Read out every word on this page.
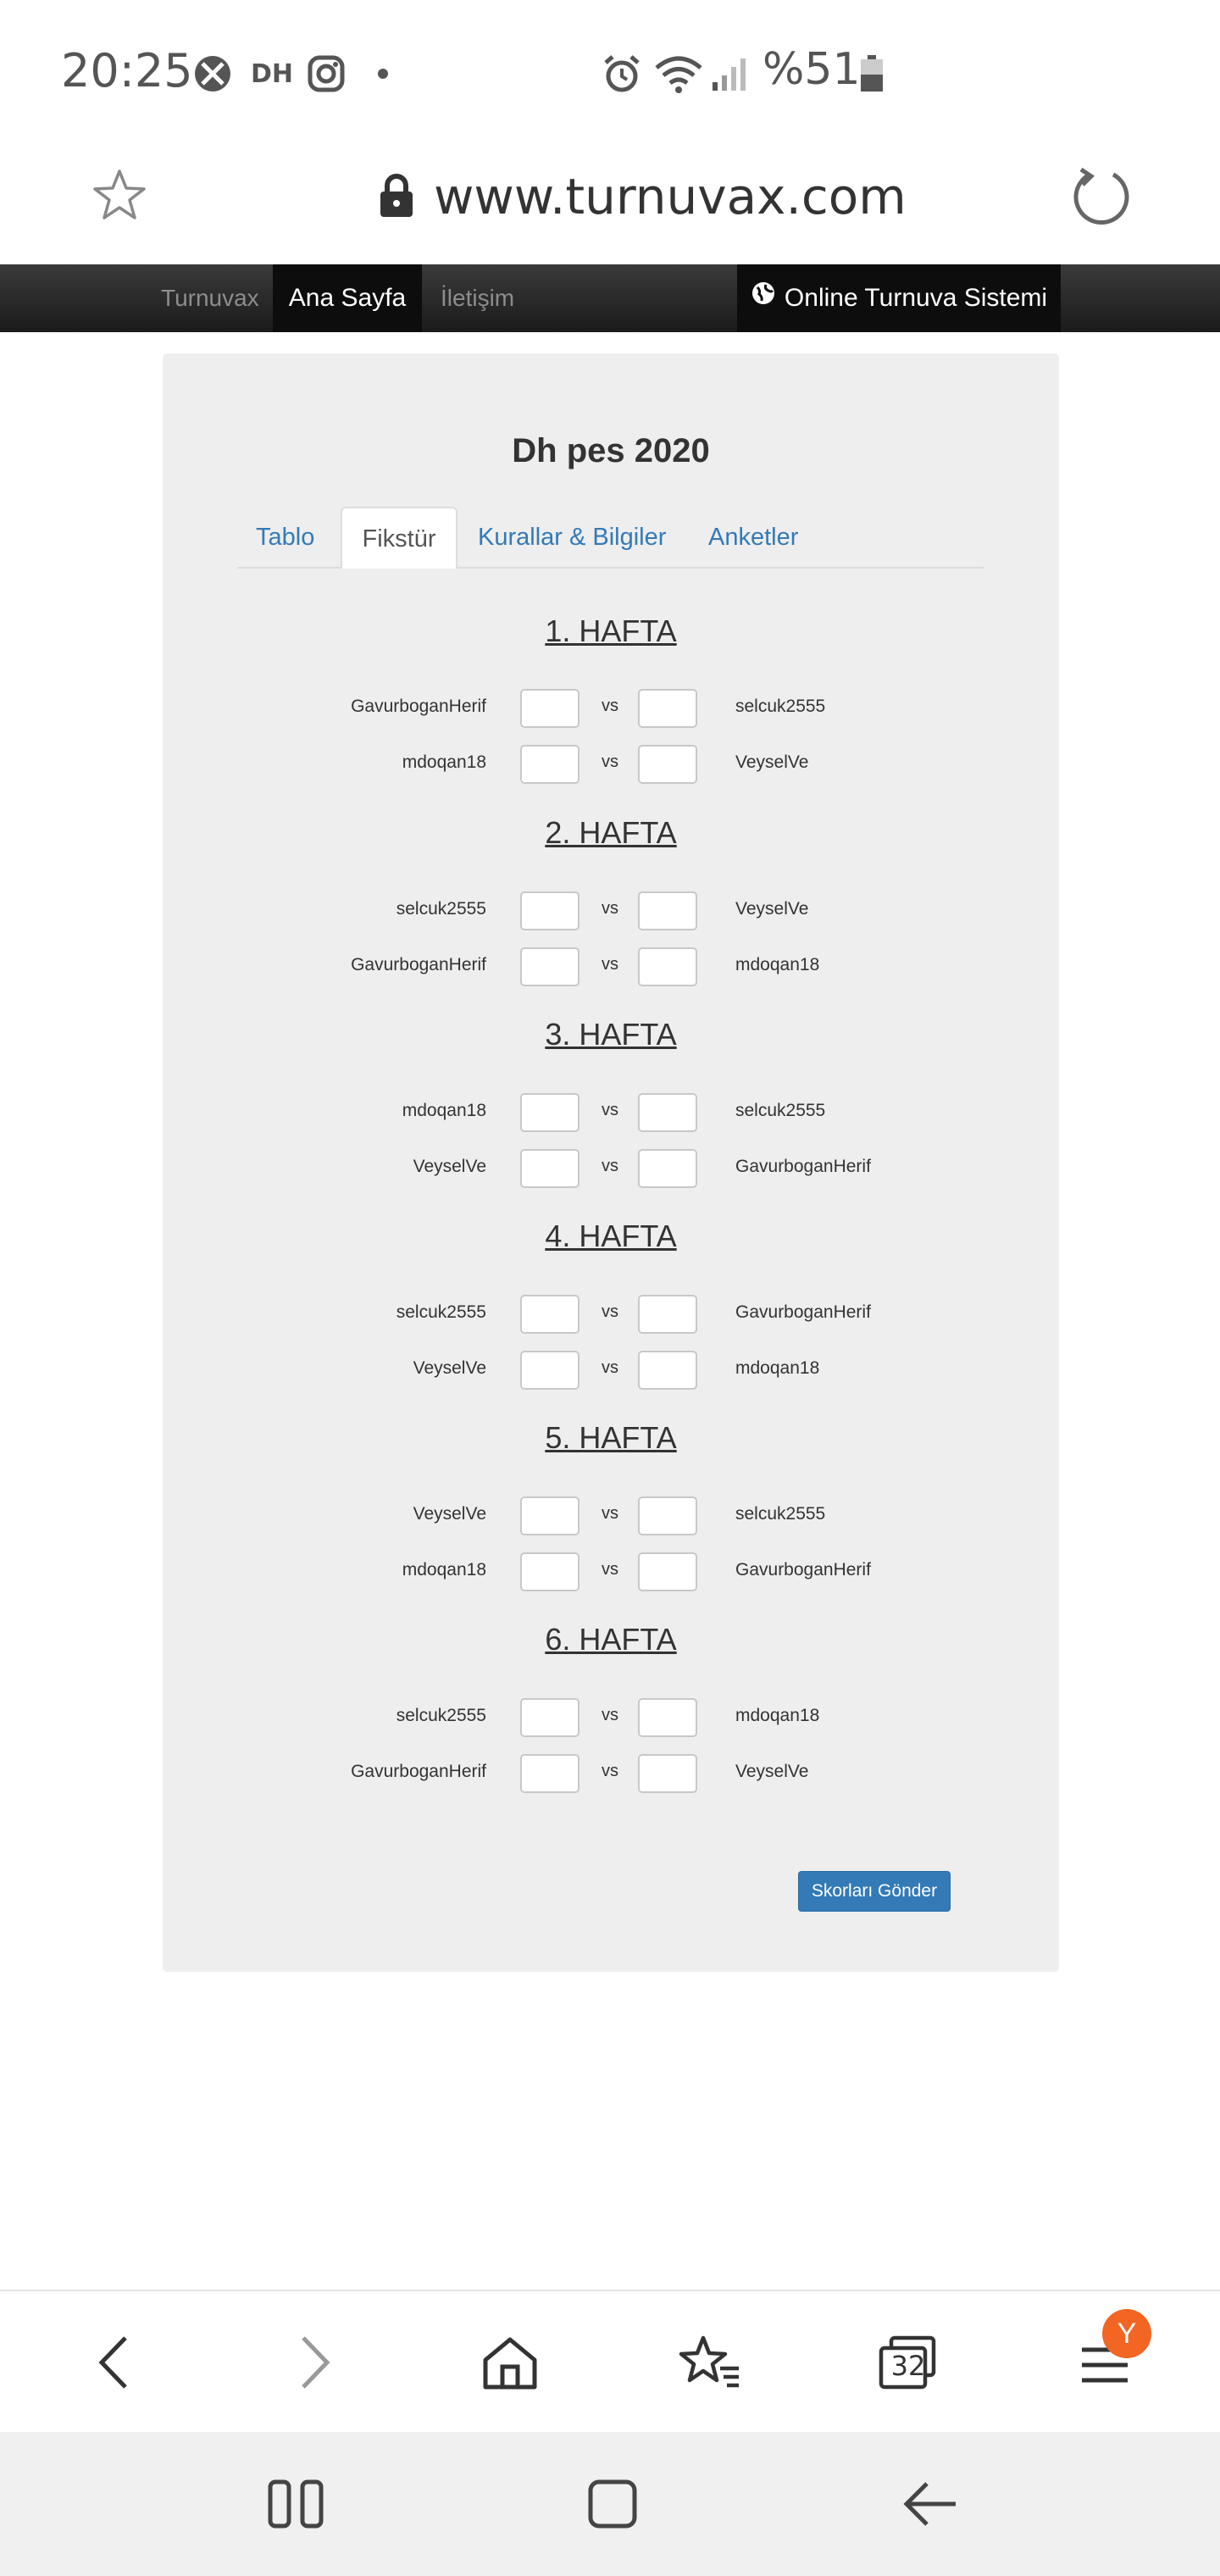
20:25 DH	%51
www.turnuvax.com
Turnuvax	Ana Sayfa	İletişim	Online Turnuva Sistemi
Dh pes 2020
Tablo	Fikstür	Kurallar & Bilgiler Anketler
1. HAFTA
GavurboganHerif	vs	selcuk2555
mdoqan18	vs	VeyselVe
2. HAFTA
selcuk2555	vs	VeyselVe
GavurboganHerif	vs	mdoqan18
3. HAFTA
mdoqan18	vs	selcuk2555
VeyselVe	vs	GavurboganHerif
4. HAFTA
selcuk2555	vs	GavurboganHerif
VeyselVe	vs	mdoqan18
5. HAFTA
VeyselVe	vs	selcuk2555
mdoqan18	vs	GavurboganHerif
6. HAFTA
selcuk2555	vs	mdoqan18
GavurboganHerif	vs	VeyselVe
Skorları Gönder
32
Y
